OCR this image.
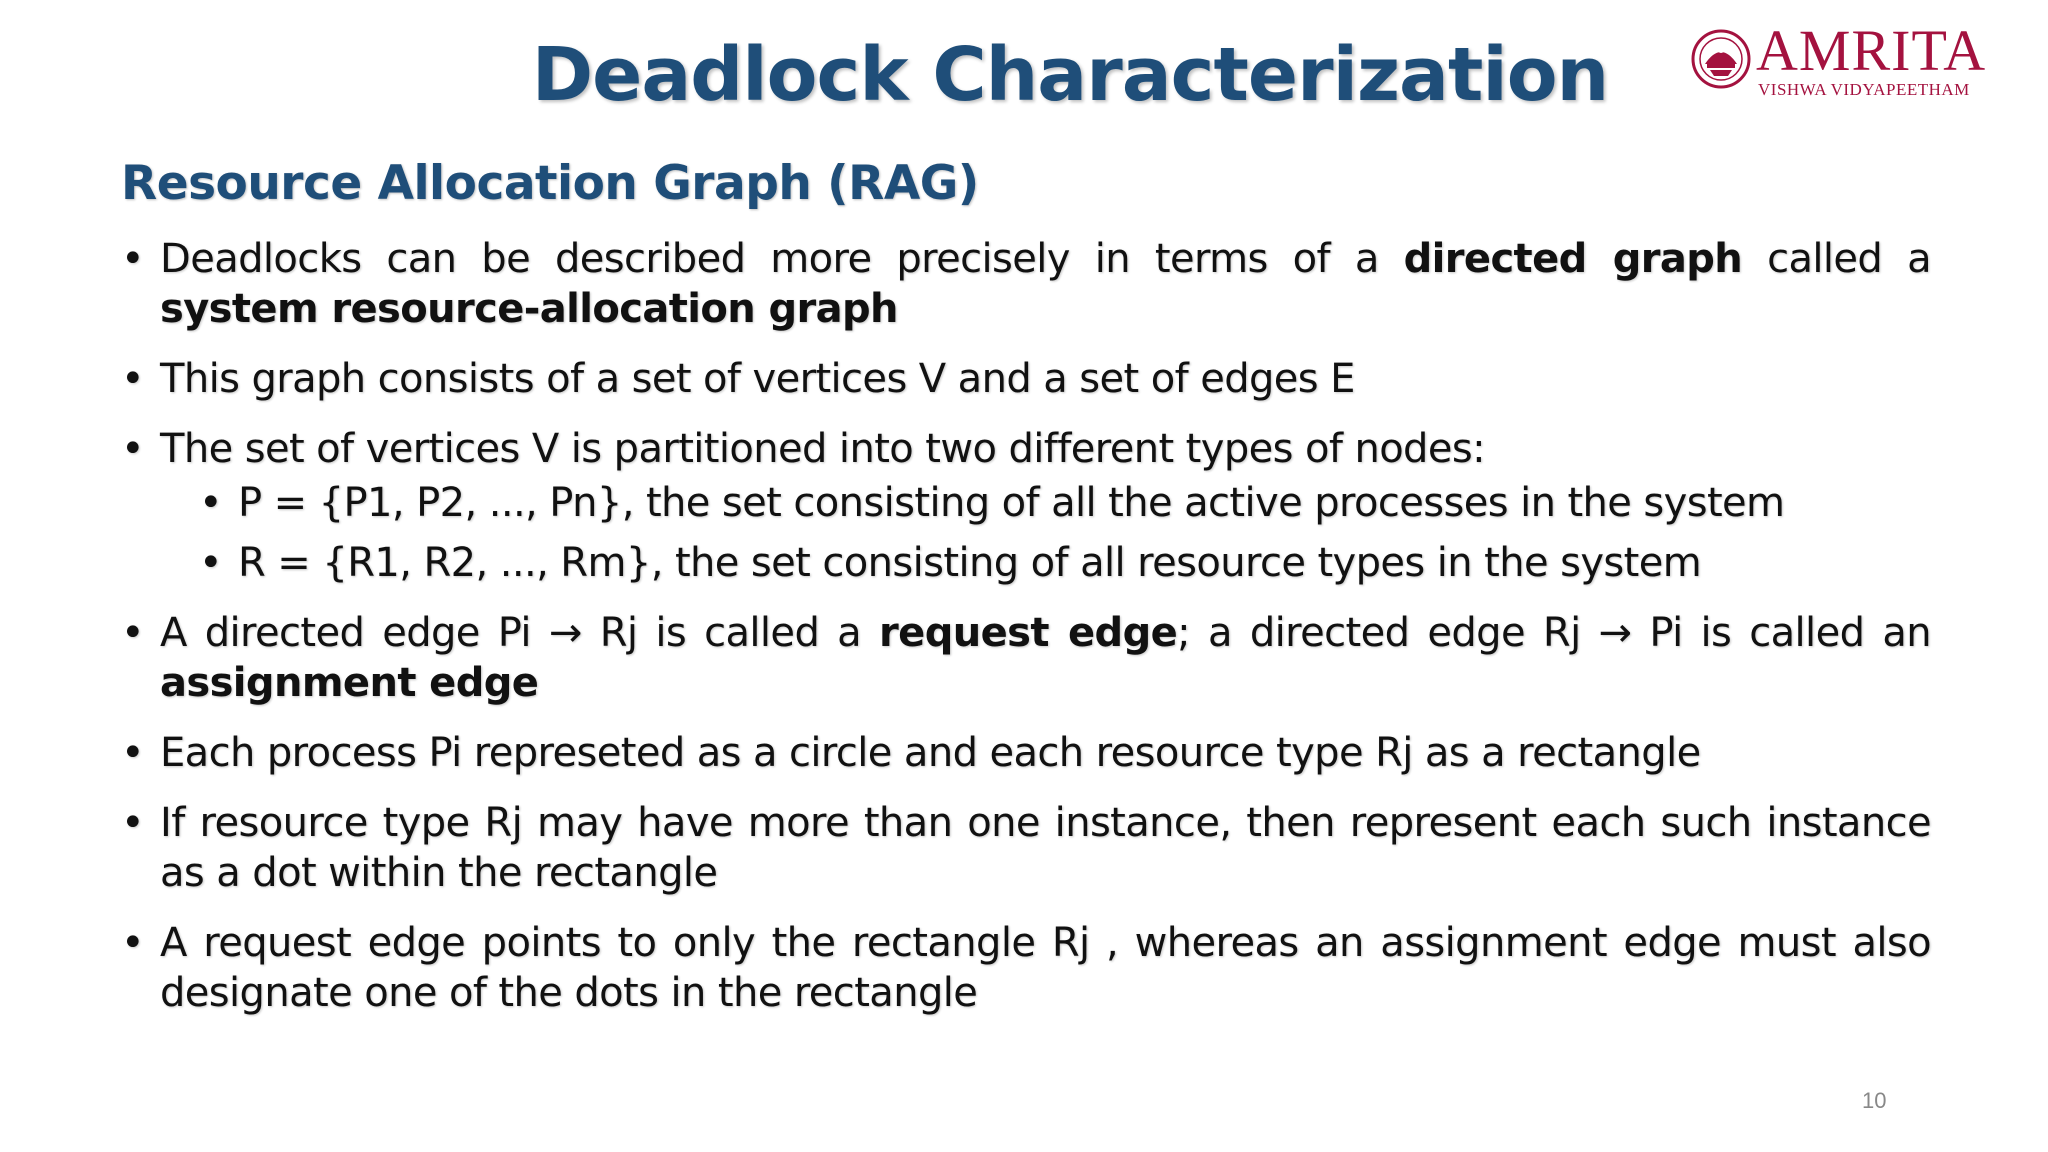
Deadlock Characterization	AMRITA
VISHWA VIDYAPEETHAM
Resource Allocation Graph (RAG)
• Deadlocks can be described more precisely in terms of a directed graph called a system resource-allocation graph
• This graph consists of a set of vertices V and a set of edges E
• The set of vertices V is partitioned into two different types of nodes:
• P = {P1, P2, ..., Pn}, the set consisting of all the active processes in the system
• R = {R1, R2, ..., Rm}, the set consisting of all resource types in the system
• A directed edge Pi → Rj is called a request edge; a directed edge Rj → Pi is called an assignment edge
• Each process Pi represeted as a circle and each resource type Rj as a rectangle
• If resource type Rj may have more than one instance, then represent each such instance as a dot within the rectangle
• A request edge points to only the rectangle Rj , whereas an assignment edge must also designate one of the dots in the rectangle
10
